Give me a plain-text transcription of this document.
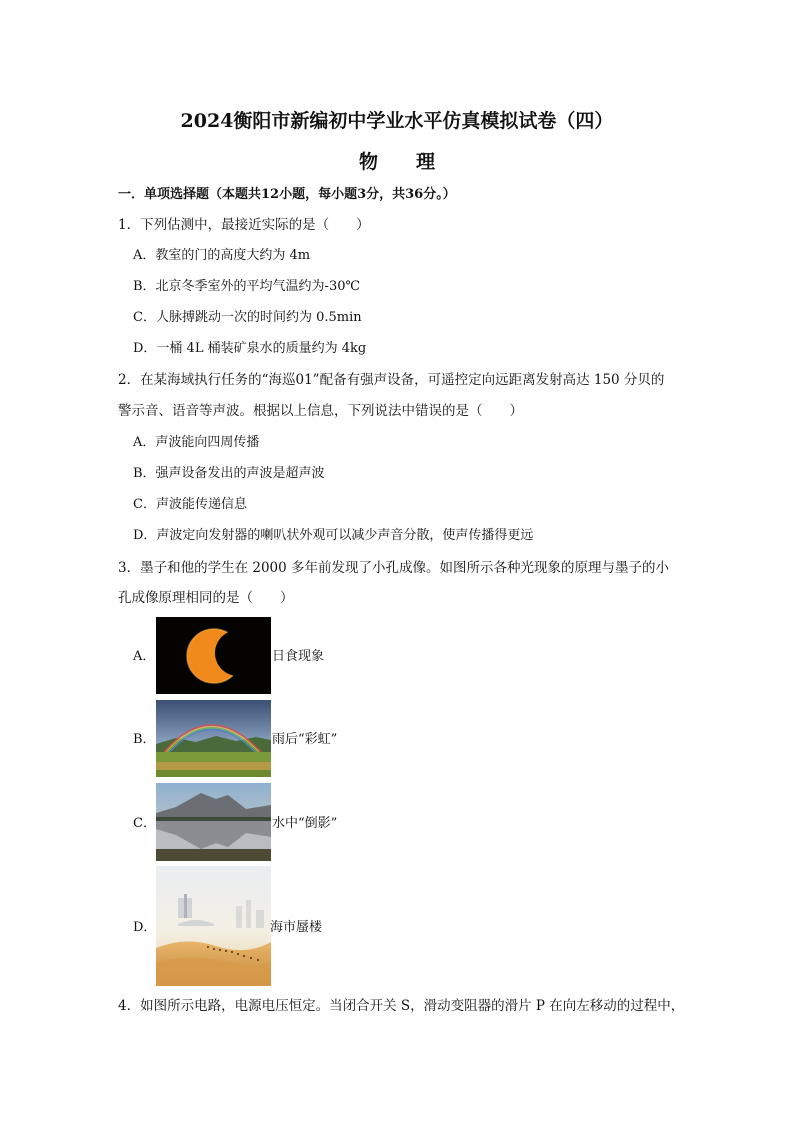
2024衡阳市新编初中学业水平仿真模拟试卷（四）
物理
一．单项选择题（本题共12小题，每小题3分，共36分。）
1．下列估测中，最接近实际的是（　　）
A．教室的门的高度大约为 4m
B．北京冬季室外的平均气温约为-30℃
C．人脉搏跳动一次的时间约为 0.5min
D．一桶 4L 桶装矿泉水的质量约为 4kg
2．在某海域执行任务的“海巡01”配备有强声设备，可遥控定向远距离发射高达 150 分贝的
警示音、语音等声波。根据以上信息，下列说法中错误的是（　　）
A．声波能向四周传播
B．强声设备发出的声波是超声波
C．声波能传递信息
D．声波定向发射器的喇叭状外观可以减少声音分散，使声传播得更远
3．墨子和他的学生在 2000 多年前发现了小孔成像。如图所示各种光现象的原理与墨子的小
孔成像原理相同的是（　　）
A．	日食现象
B．	雨后“彩虹”
C．	水中“倒影”
D．	海市蜃楼
4．如图所示电路，电源电压恒定。当闭合开关 S，滑动变阻器的滑片 P 在向左移动的过程中，
